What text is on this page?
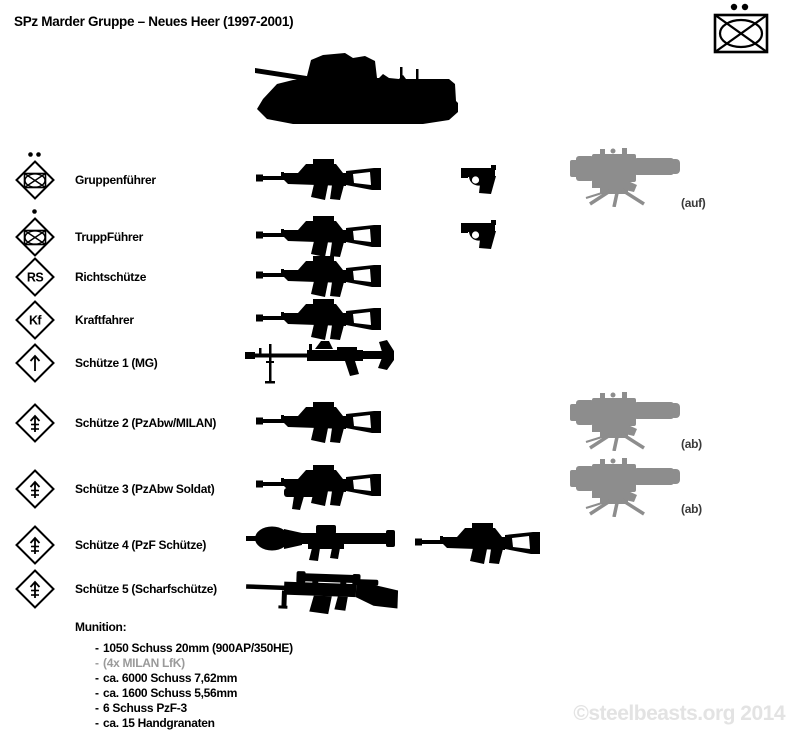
SPz Marder Gruppe – Neues Heer (1997-2001)
Gruppenführer
(auf)
TruppFührer
RS	Richtschütze
Kf	Kraftfahrer
Schütze 1 (MG)
Schütze 2 (PzAbw/MILAN)
(ab)
Schütze 3 (PzAbw Soldat)
(ab)
Schütze 4 (PzF Schütze)
Schütze 5 (Scharfschütze)
Munition:
- 1050 Schuss 20mm (900AP/350HE)
- (4x MILAN LfK)
- ca. 6000 Schuss 7,62mm
- ca. 1600 Schuss 5,56mm
- 6 Schuss PzF-3
- ca. 15 Handgranaten	©steelbeasts.org 2014
